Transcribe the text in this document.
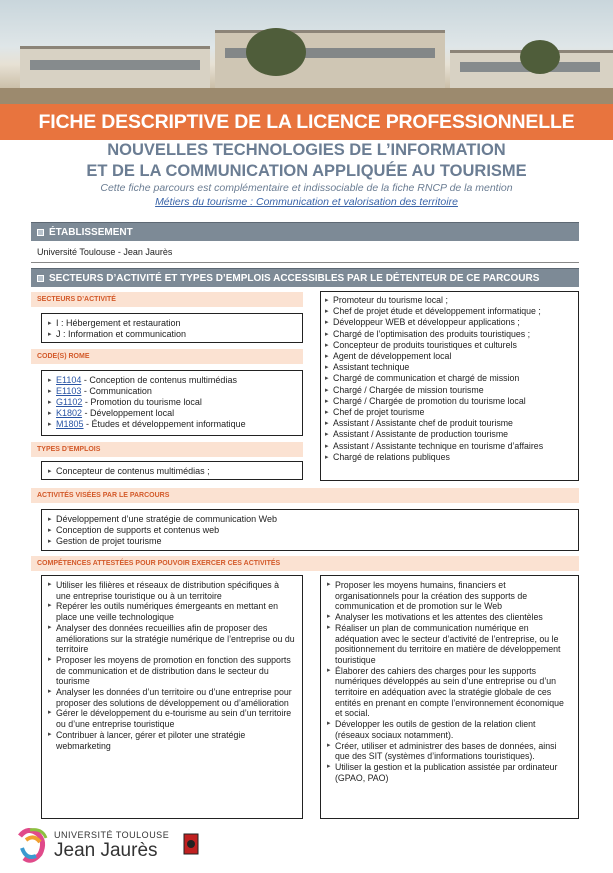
FICHE DESCRIPTIVE DE LA LICENCE PROFESSIONNELLE
NOUVELLES TECHNOLOGIES DE L’INFORMATION
ET DE LA COMMUNICATION APPLIQUÉE AU TOURISME
Cette fiche parcours est complémentaire et indissociable de la fiche RNCP de la mention
Métiers du tourisme : Communication et valorisation des territoire
ÉTABLISSEMENT
Université Toulouse - Jean Jaurès
SECTEURS D’ACTIVITÉ ET TYPES D’EMPLOIS ACCESSIBLES PAR LE DÉTENTEUR DE CE PARCOURS
SECTEURS D’ACTIVITÉ
▸ I : Hébergement et restauration
▸ J : Information et communication
CODE(S) ROME
▸ E1104 - Conception de contenus multimédias
▸ E1103 - Communication
▸ G1102 - Promotion du tourisme local
▸ K1802 - Développement local
▸ M1805 - Études et développement informatique
TYPES D’EMPLOIS
▸ Concepteur de contenus multimédias ;
▸ Promoteur du tourisme local ;
▸ Chef de projet étude et développement informatique ;
▸ Développeur WEB et développeur applications ;
▸ Chargé de l’optimisation des produits touristiques ;
▸ Concepteur de produits touristiques et culturels
▸ Agent de développement local
▸ Assistant technique
▸ Chargé de communication et chargé de mission
▸ Chargé / Chargée de mission tourisme
▸ Chargé / Chargée de promotion du tourisme local
▸ Chef de projet tourisme
▸ Assistant / Assistante chef de produit tourisme
▸ Assistant / Assistante de production tourisme
▸ Assistant / Assistante technique en tourisme d’affaires
▸ Chargé de relations publiques
ACTIVITÉS VISÉES PAR LE PARCOURS
▸ Développement d’une stratégie de communication Web
▸ Conception de supports et contenus web
▸ Gestion de projet tourisme
COMPÉTENCES ATTESTÉES POUR POUVOIR EXERCER CES ACTIVITÉS
▸ Utiliser les filières et réseaux de distribution spécifiques à une entreprise touristique ou à un territoire
▸ Repérer les outils numériques émergeants en mettant en place une veille technologique
▸ Analyser des données recueillies afin de proposer des améliorations sur la stratégie numérique de l’entreprise ou du territoire
▸ Proposer les moyens de promotion en fonction des supports de communication et de distribution dans le secteur du tourisme
▸ Analyser les données d’un territoire ou d’une entreprise pour proposer des solutions de développement ou d’amélioration
▸ Gérer le développement du e-tourisme au sein d’un territoire ou d’une entreprise touristique
▸ Contribuer à lancer, gérer et piloter une stratégie webmarketing
▸ Proposer les moyens humains, financiers et organisationnels pour la création des supports de communication et de promotion sur le Web
▸ Analyser les motivations et les attentes des clientèles
▸ Réaliser un plan de communication numérique en adéquation avec le secteur d’activité de l’entreprise, ou le positionnement du territoire en matière de développement touristique
▸ Élaborer des cahiers des charges pour les supports numériques développés au sein d’une entreprise ou d’un territoire en adéquation avec la stratégie globale de ces entités en prenant en compte l’environnement économique et social.
▸ Développer les outils de gestion de la relation client (réseaux sociaux notamment).
▸ Créer, utiliser et administrer des bases de données, ainsi que des SIT (systèmes d’informations touristiques).
▸ Utiliser la gestion et la publication assistée par ordinateur (GPAO, PAO)
UNIVERSITÉ TOULOUSE
Jean Jaurès
